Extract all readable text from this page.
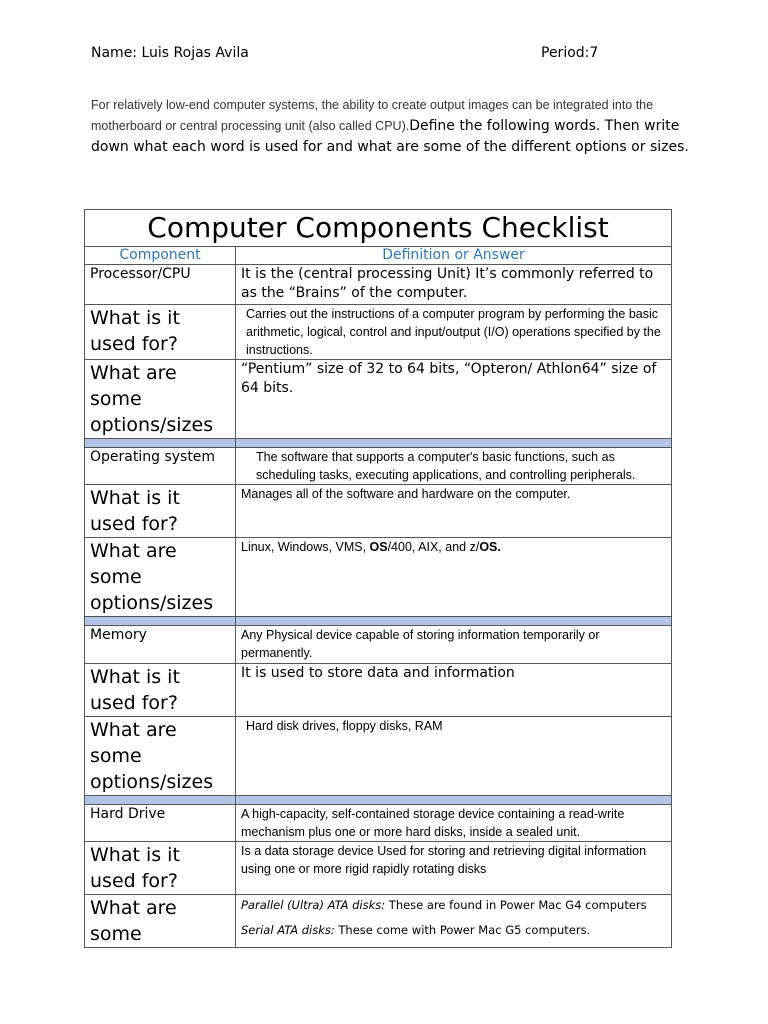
Name: Luis Rojas Avila	Period:7
For relatively low-end computer systems, the ability to create output images can be integrated into the motherboard or central processing unit (also called CPU).Define the following words. Then write down what each word is used for and what are some of the different options or sizes.
Computer Components Checklist	
Component	Definition or Answer
Processor/CPU	It is the (central processing Unit) It’s commonly referred to as the “Brains” of the computer.
What is it used for?	Carries out the instructions of a computer program by performing the basic arithmetic, logical, control and input/output (I/O) operations specified by the instructions.

What are some options/sizes	“Pentium” size of 32 to 64 bits, “Opteron/ Athlon64” size of 64 bits.

Operating system	The software that supports a computer's basic functions, such as scheduling tasks, executing applications, and controlling peripherals.

What is it used for?	Manages all of the software and hardware on the computer.
What are some options/sizes	Linux, Windows, VMS, OS/400, AIX, and z/OS.

Memory	Any Physical device capable of storing information temporarily or permanently.
What is it used for?	It is used to store data and information
What are some options/sizes	Hard disk drives, floppy disks, RAM

Hard Drive	A high-capacity, self-contained storage device containing a read-write mechanism plus one or more hard disks, inside a sealed unit.
What is it used for?	Is a data storage device Used for storing and retrieving digital information using one or more rigid rapidly rotating disks
What are some	Parallel (Ultra) ATA disks: These are found in Power Mac G4 computers
Serial ATA disks: These come with Power Mac G5 computers.
